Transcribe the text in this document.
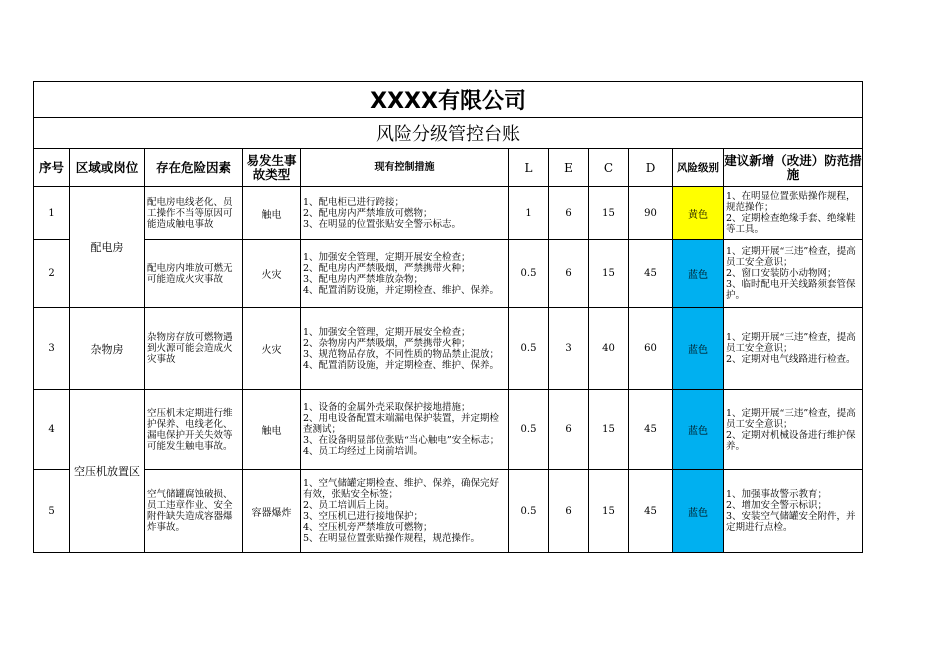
XXXX有限公司										
风险分级管控台账										
序号	区域或岗位	存在危险因素	易发生事故类型	现有控制措施	L	E	C	D	风险级别	建议新增（改进）防范措施
1	配电房	配电房电线老化、员工操作不当等原因可能造成触电事故	触电	1、配电柜已进行跨接；
2、配电房内严禁堆放可燃物；
3、在明显的位置张贴安全警示标志。	1	6	15	90	黄色	1、在明显位置张贴操作规程，规范操作；
2、定期检查绝缘手套、绝缘鞋等工具。

2		配电房内堆放可燃无可能造成火灾事故	火灾	1、加强安全管理，定期开展安全检查；
2、配电房内严禁吸烟，严禁携带火种；
3、配电房内严禁堆放杂物；
4、配置消防设施，并定期检查、维护、保养。	0.5	6	15	45	蓝色	1、定期开展“三违”检查，提高员工安全意识；
2、窗口安装防小动物网；
3、临时配电开关线路须套管保护。

3	杂物房	杂物房存放可燃物遇到火源可能会造成火灾事故	火灾	1、加强安全管理，定期开展安全检查；
2、杂物房内严禁吸烟，严禁携带火种；
3、规范物品存放，不同性质的物品禁止混放；
4、配置消防设施，并定期检查、维护、保养。	0.5	3	40	60	蓝色	1、定期开展“三违”检查，提高员工安全意识；
2、定期对电气线路进行检查。

4	空压机放置区	空压机未定期进行维护保养、电线老化、漏电保护开关失效等可能发生触电事故。	触电	1、设备的金属外壳采取保护接地措施；
2、用电设备配置末端漏电保护装置，并定期检查测试；
3、在设备明显部位张贴“当心触电”安全标志；
4、员工均经过上岗前培训。	0.5	6	15	45	蓝色	1、定期开展“三违”检查，提高员工安全意识；
2、定期对机械设备进行维护保养。

5		空气储罐腐蚀破损、员工违章作业、安全附件缺失造成容器爆炸事故。	容器爆炸	1、空气储罐定期检查、维护、保养，确保完好有效，张贴安全标签；
2、员工培训后上岗。
3、空压机已进行接地保护；
4、空压机旁严禁堆放可燃物；
5、在明显位置张贴操作规程，规范操作。	0.5	6	15	45	蓝色	1、加强事故警示教育；
2、增加安全警示标识；
3、安装空气储罐安全附件，并定期进行点检。
